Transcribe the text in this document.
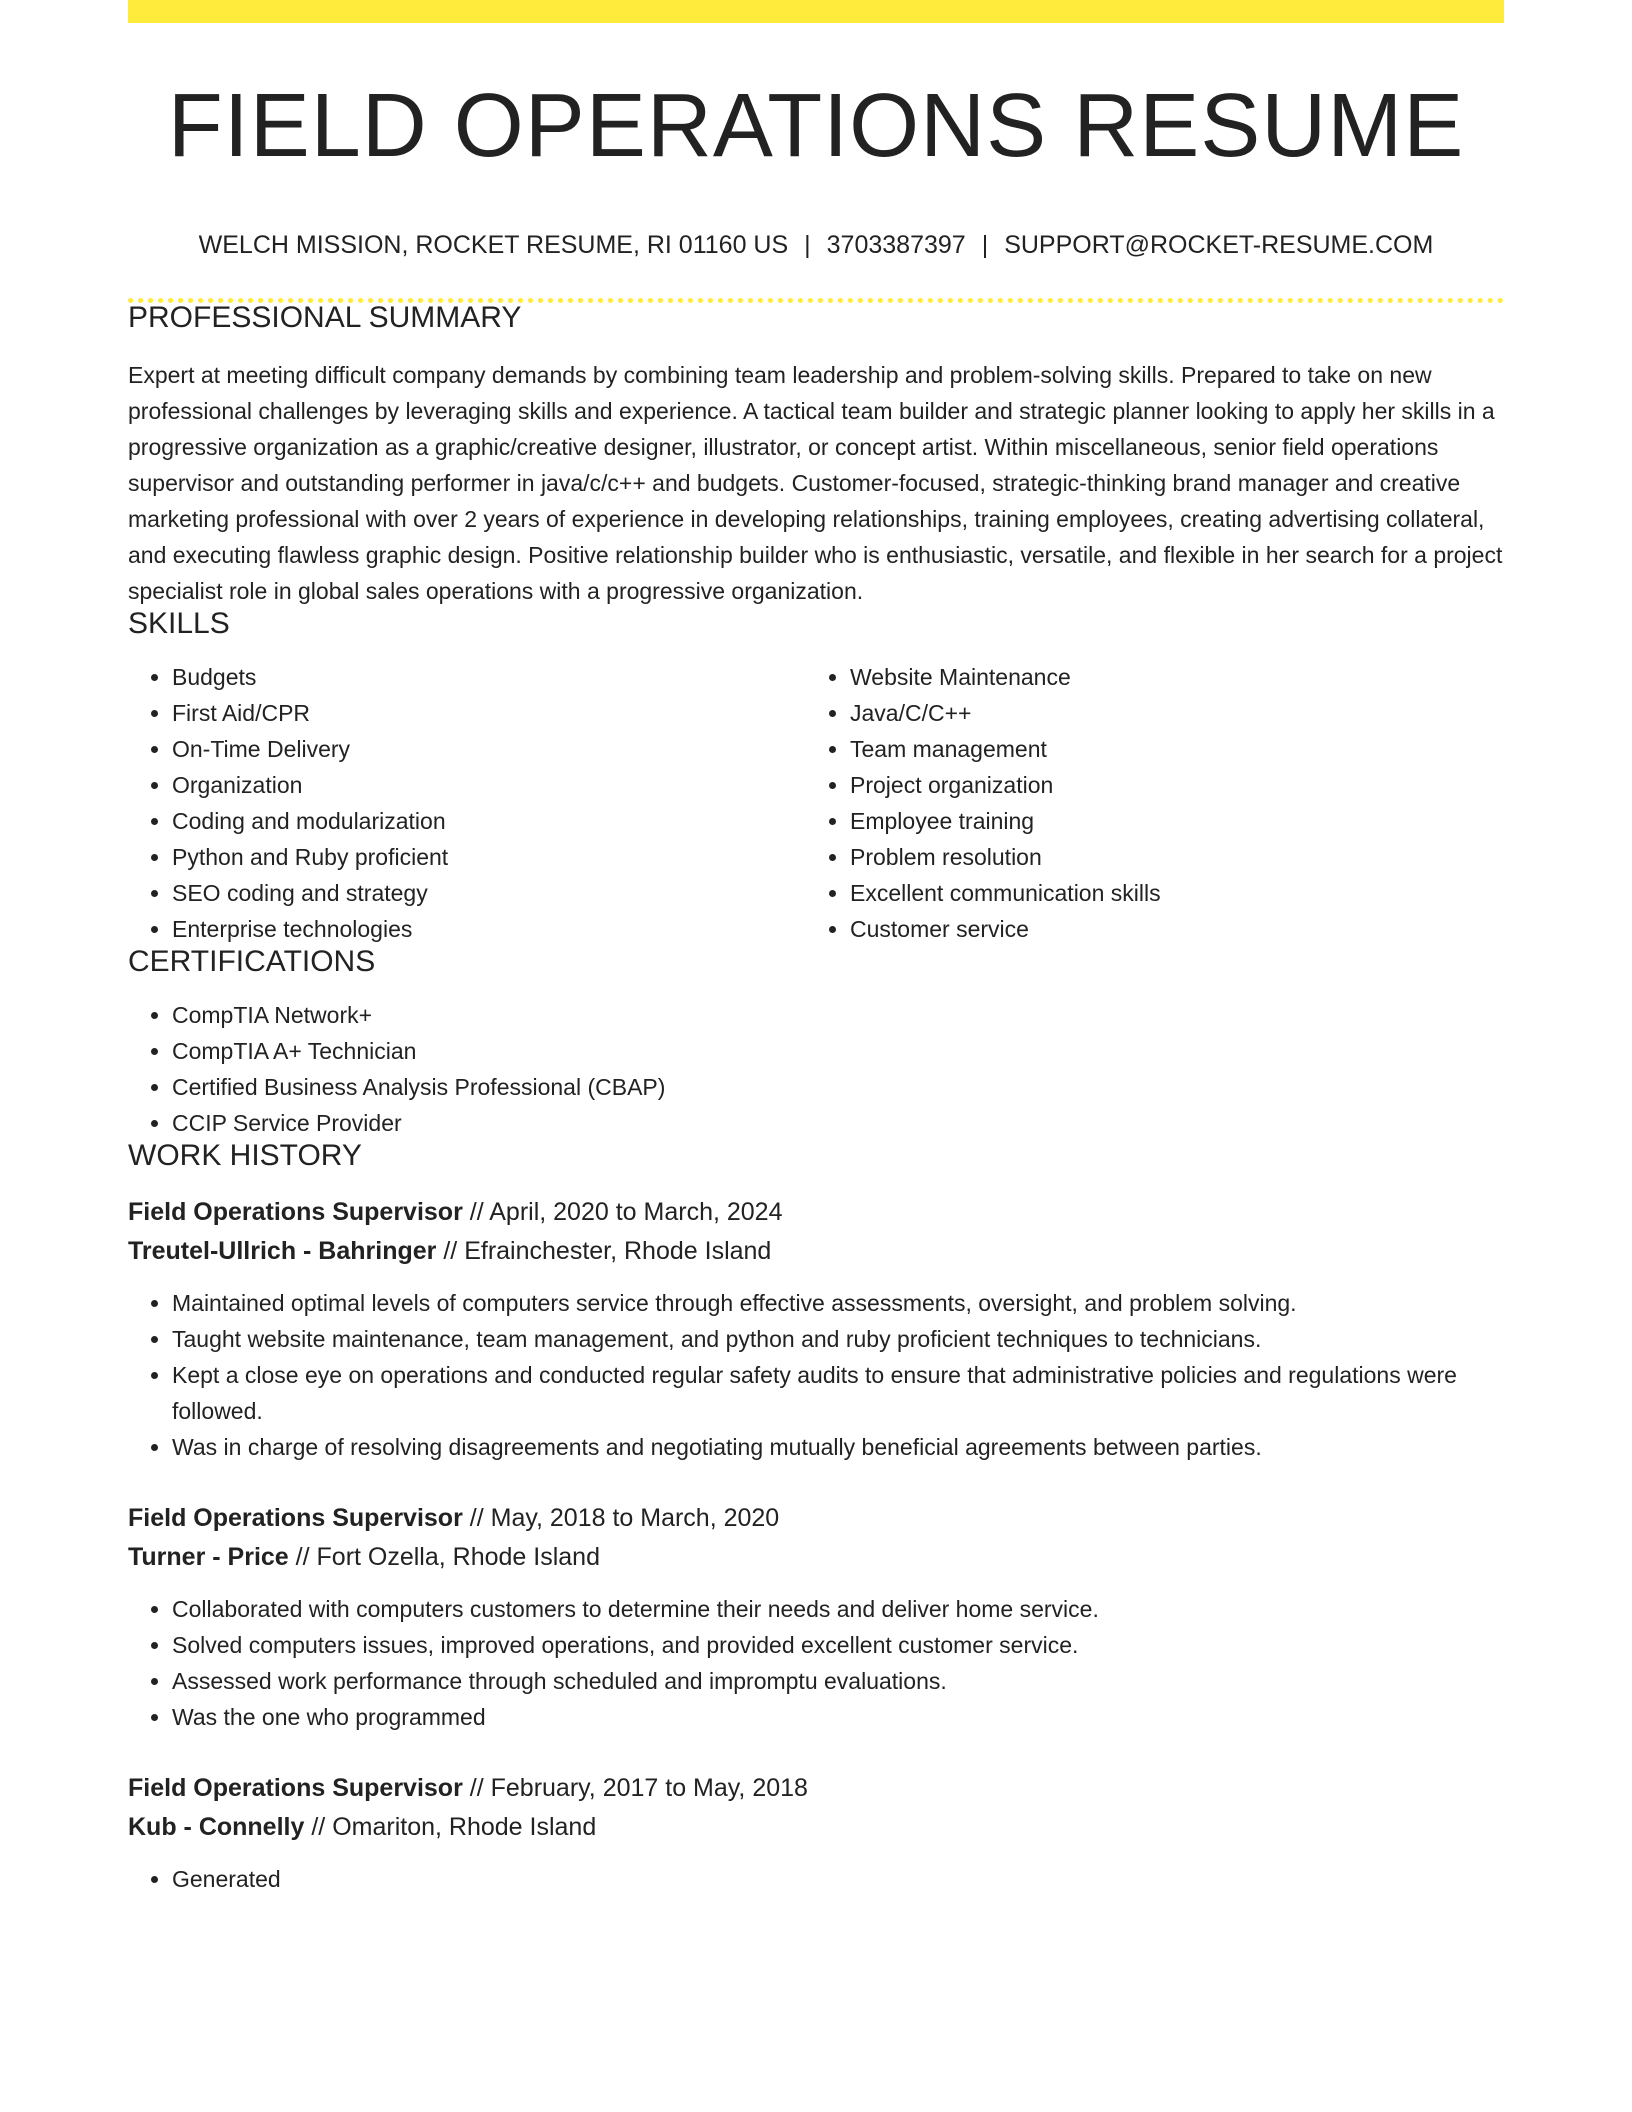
FIELD OPERATIONS RESUME
WELCH MISSION, ROCKET RESUME, RI 01160 US | 3703387397 | SUPPORT@ROCKET-RESUME.COM
PROFESSIONAL SUMMARY
Expert at meeting difficult company demands by combining team leadership and problem-solving skills. Prepared to take on new professional challenges by leveraging skills and experience. A tactical team builder and strategic planner looking to apply her skills in a progressive organization as a graphic/creative designer, illustrator, or concept artist. Within miscellaneous, senior field operations supervisor and outstanding performer in java/c/c++ and budgets. Customer-focused, strategic-thinking brand manager and creative marketing professional with over 2 years of experience in developing relationships, training employees, creating advertising collateral, and executing flawless graphic design. Positive relationship builder who is enthusiastic, versatile, and flexible in her search for a project specialist role in global sales operations with a progressive organization.
SKILLS
• Budgets
• First Aid/CPR
• On-Time Delivery
• Organization
• Coding and modularization
• Python and Ruby proficient
• SEO coding and strategy
• Enterprise technologies
• Website Maintenance
• Java/C/C++
• Team management
• Project organization
• Employee training
• Problem resolution
• Excellent communication skills
• Customer service
CERTIFICATIONS
• CompTIA Network+
• CompTIA A+ Technician
• Certified Business Analysis Professional (CBAP)
• CCIP Service Provider
WORK HISTORY
Field Operations Supervisor // April, 2020 to March, 2024
Treutel-Ullrich - Bahringer // Efrainchester, Rhode Island
• Maintained optimal levels of computers service through effective assessments, oversight, and problem solving.
• Taught website maintenance, team management, and python and ruby proficient techniques to technicians.
• Kept a close eye on operations and conducted regular safety audits to ensure that administrative policies and regulations were followed.
• Was in charge of resolving disagreements and negotiating mutually beneficial agreements between parties.
Field Operations Supervisor // May, 2018 to March, 2020
Turner - Price // Fort Ozella, Rhode Island
• Collaborated with computers customers to determine their needs and deliver home service.
• Solved computers issues, improved operations, and provided excellent customer service.
• Assessed work performance through scheduled and impromptu evaluations.
• Was the one who programmed
Field Operations Supervisor // February, 2017 to May, 2018
Kub - Connelly // Omariton, Rhode Island
• Generated
